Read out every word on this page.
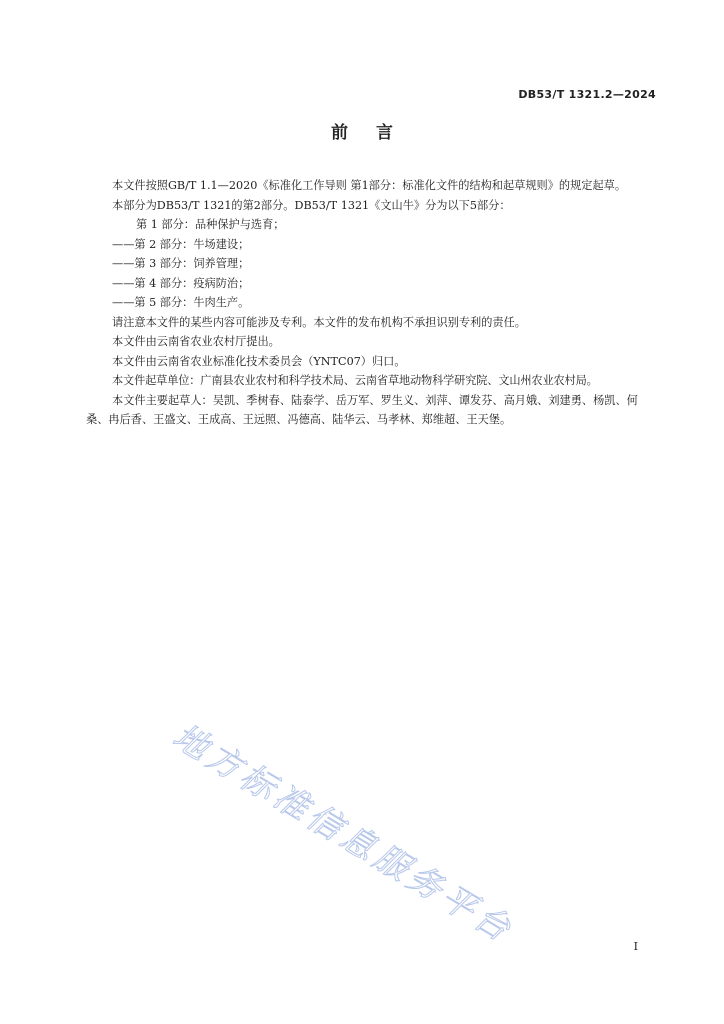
DB53/T 1321.2—2024
前言

本文件按照GB/T 1.1—2020《标准化工作导则 第1部分：标准化文件的结构和起草规则》的规定起草。

本部分为DB53/T 1321的第2部分。DB53/T 1321《文山牛》分为以下5部分：

第 1 部分：品种保护与选育；

——第 2 部分：牛场建设；

——第 3 部分：饲养管理；

——第 4 部分：疫病防治；

——第 5 部分：牛肉生产。

请注意本文件的某些内容可能涉及专利。本文件的发布机构不承担识别专利的责任。

本文件由云南省农业农村厅提出。

本文件由云南省农业标准化技术委员会（YNTC07）归口。

本文件起草单位：广南县农业农村和科学技术局、云南省草地动物科学研究院、文山州农业农村局。

本文件主要起草人：吴凯、季树春、陆泰学、岳万军、罗生义、刘萍、谭发芬、高月娥、刘建勇、杨凯、何桑、冉后香、王盛文、王成高、王远照、冯德高、陆华云、马孝林、郑维超、王天堡。

地方标准信息服务平台	I
